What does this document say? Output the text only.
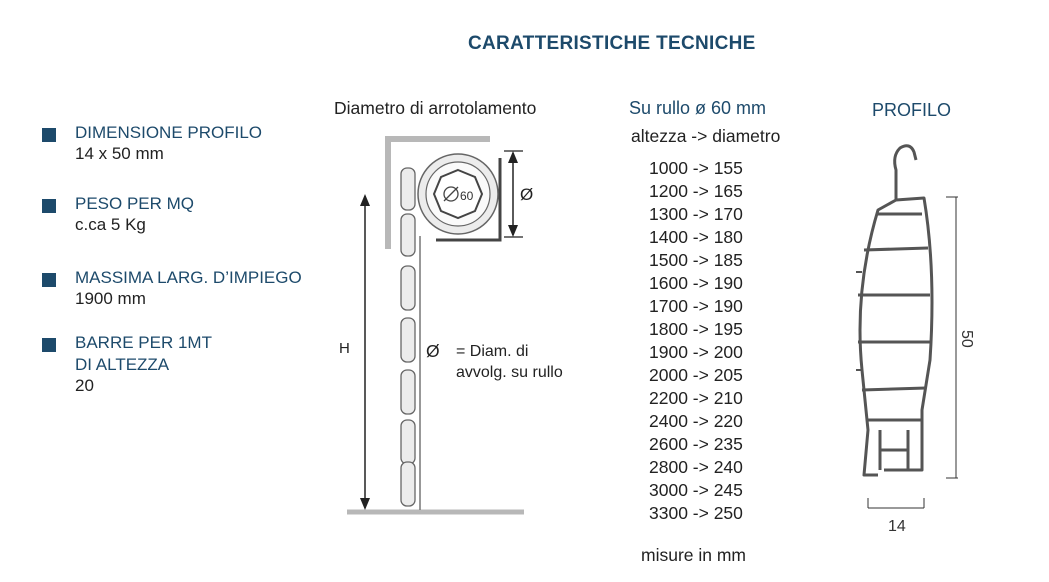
CARATTERISTICHE TECNICHE
DIMENSIONE PROFILO
14 x 50 mm
PESO PER MQ
c.ca 5 Kg
MASSIMA LARG. D’IMPIEGO
1900 mm
BARRE PER 1MT
DI ALTEZZA
20
Diametro di arrotolamento
Ø = Diam. di
avvolg. su rullo
H
60	Ø
Su rullo ø 60 mm
altezza -> diametro
1000 -> 155
1200 -> 165
1300 -> 170
1400 -> 180
1500 -> 185
1600 -> 190
1700 -> 190
1800 -> 195
1900 -> 200
2000 -> 205
2200 -> 210
2400 -> 220
2600 -> 235
2800 -> 240
3000 -> 245
3300 -> 250
misure in mm
PROFILO
50
14
